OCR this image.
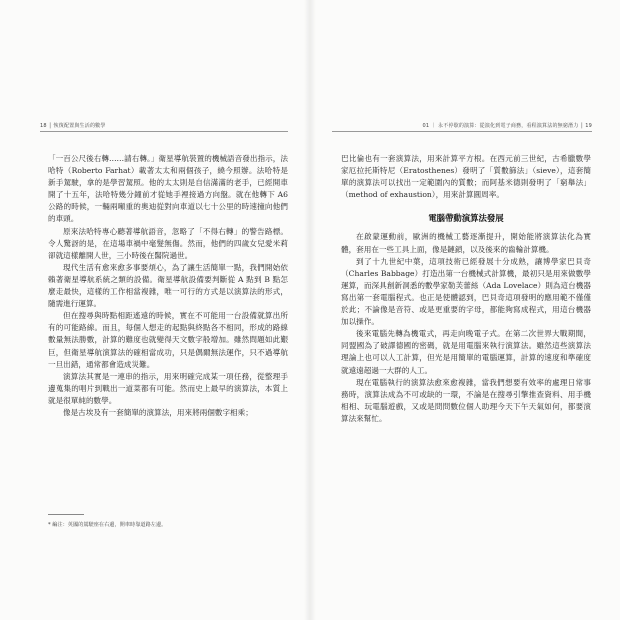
18 │ 恢復配置與生活的數學

「一百公尺後右轉……請右轉。」衛星導航裝置的機械語音發出指示，法哈特（Roberto Farhat）載著太太和兩個孩子，繞今照辦。法哈特是新手駕駛，拿的是學習駕照。他的太太則是自信滿滿的老手，已經開車開了十五年，法哈特幾分鐘前才從她手裡接過方向盤。就在他轉下 A6 公路的時候，一輛兩噸重的奧迪從對向車道以七十公里的時速撞向他們的車頭。

原來法哈特專心聽著導航語音，忽略了「不得右轉」的警告路標。令人驚訝的是，在這場車禍中毫髮無傷。然而，他們的四歲女兒愛米莉卻就這樣離開人世，三小時後在醫院過世。

現代生活有愈來愈多事要煩心，為了讓生活簡單一點，我們開始依賴著衛星導航系統之類的設備。衛星導航設備要判斷從 A 點到 B 點怎麼走最快，這樣的工作相當複雜，唯一可行的方式是以演算法的形式，隨需進行運算。

但在搜尋與時點相距遙遠的時候，實在不可能用一台設備就算出所有的可能路線。而且，每個人想走的起點與終點各不相同，形成的路線數量無法勝數，計算的難度也就變得天文數字般增加。雖然問題如此艱巨，但衛星導航演算法的確相當成功，只是偶爾無法運作，只不過導航一旦出錯，通常都會造成災難。

演算法其實是一連串的指示，用來明確完成某一項任務，從整理手邊蒐集的唱片到戰出一道菜都有可能。然而史上最早的演算法，本質上就是很單純的數學。

像是古埃及有一套簡單的演算法，用來將兩個數字相乘；

* 編注：英國的駕駛座在右邊，開車時靠道路左邊。
01 ｜ 永不停歇的演算：從演化到電子商務，看程演算法的無窮潛力 │ 19

巴比倫也有一套演算法，用來計算平方根。在西元前三世紀，古希臘數學家厄拉托斯特尼（Eratosthenes）發明了「質數篩法」（sieve），這套簡單的演算法可以找出一定範圍內的質數；而阿基米德則發明了「窮舉法」（method of exhaustion），用來計算圓周率。

電腦帶動演算法發展

在啟蒙運動前，歐洲的機械工藝逐漸提升，開始能將演算法化為實體，套用在一些工具上面，像是鏈鎖，以及後來的齒輪計算機。

到了十九世紀中葉，這項技術已經發展十分成熟，讓博學家巴貝奇（Charles Babbage）打造出第一台機械式計算機，最初只是用來做數學運算，而深具創新洞悉的數學家勒芙蕾絲（Ada Lovelace）則為這台機器寫出第一套電腦程式。也正是使體認到，巴貝奇這項發明的應用範不僅僅於此；不論像是音符、或是更重要的字母，都能夠寫成程式，用這台機器加以操作。

後來電腦先轉為機電式，再走向晚電子式。在第二次世界大戰期間，同盟國為了破譯德國的密碼，就是用電腦來執行演算法。雖然這些演算法理論上也可以人工計算，但光是用簡單的電腦運算，計算的速度和準確度就遠遠超過一大群的人工。

現在電腦執行的演算法愈來愈複雜，當我們想要有效率的處理日常事務時，演算法成為不可或缺的一環，不論是在搜尋引擎推查資料、用手機相相、玩電腦遊戲，又或是問問數位個人助理今天下午天氣如何，都要演算法來幫忙。
